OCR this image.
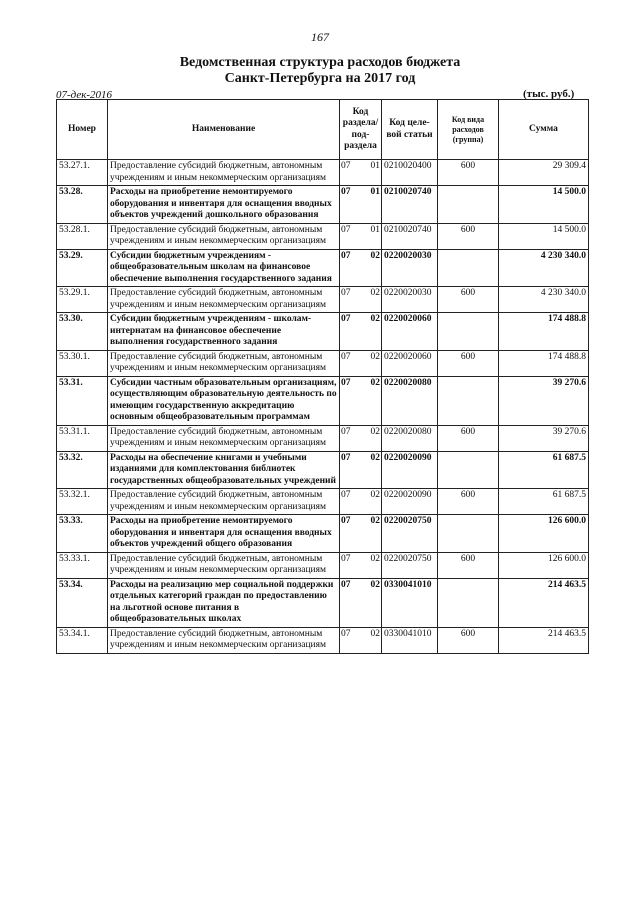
167
Ведомственная структура расходов бюджета
Санкт-Петербурга на 2017 год
07-дек-2016	(тыс. руб.)
Номер	Наименование	Код раздела/ под- раздела	Код целе- вой статьи	Код вида расходов (группа)	Сумма
53.27.1.	Предоставление субсидий бюджетным, автономным учреждениям и иным некоммерческим организациям	07 01	0210020400	600	29 309.4
53.28.	Расходы на приобретение немонтируемого оборудования и инвентаря для оснащения вводных объектов учреждений дошкольного образования	07 01	0210020740		14 500.0
53.28.1.	Предоставление субсидий бюджетным, автономным учреждениям и иным некоммерческим организациям	07 01	0210020740	600	14 500.0
53.29.	Субсидии бюджетным учреждениям - общеобразовательным школам на финансовое обеспечение выполнения государственного задания	07 02	0220020030		4 230 340.0
53.29.1.	Предоставление субсидий бюджетным, автономным учреждениям и иным некоммерческим организациям	07 02	0220020030	600	4 230 340.0
53.30.	Субсидии бюджетным учреждениям - школам-интернатам на финансовое обеспечение выполнения государственного задания	07 02	0220020060		174 488.8
53.30.1.	Предоставление субсидий бюджетным, автономным учреждениям и иным некоммерческим организациям	07 02	0220020060	600	174 488.8
53.31.	Субсидии частным образовательным организациям, осуществляющим образовательную деятельность по имеющим государственную аккредитацию основным общеобразовательным программам	07 02	0220020080		39 270.6
53.31.1.	Предоставление субсидий бюджетным, автономным учреждениям и иным некоммерческим организациям	07 02	0220020080	600	39 270.6
53.32.	Расходы на обеспечение книгами и учебными изданиями для комплектования библиотек государственных общеобразовательных учреждений	07 02	0220020090		61 687.5
53.32.1.	Предоставление субсидий бюджетным, автономным учреждениям и иным некоммерческим организациям	07 02	0220020090	600	61 687.5
53.33.	Расходы на приобретение немонтируемого оборудования и инвентаря для оснащения вводных объектов учреждений общего образования	07 02	0220020750		126 600.0
53.33.1.	Предоставление субсидий бюджетным, автономным учреждениям и иным некоммерческим организациям	07 02	0220020750	600	126 600.0
53.34.	Расходы на реализацию мер социальной поддержки отдельных категорий граждан по предоставлению на льготной основе питания в общеобразовательных школах	07 02	0330041010		214 463.5
53.34.1.	Предоставление субсидий бюджетным, автономным учреждениям и иным некоммерческим организациям	07 02	0330041010	600	214 463.5
